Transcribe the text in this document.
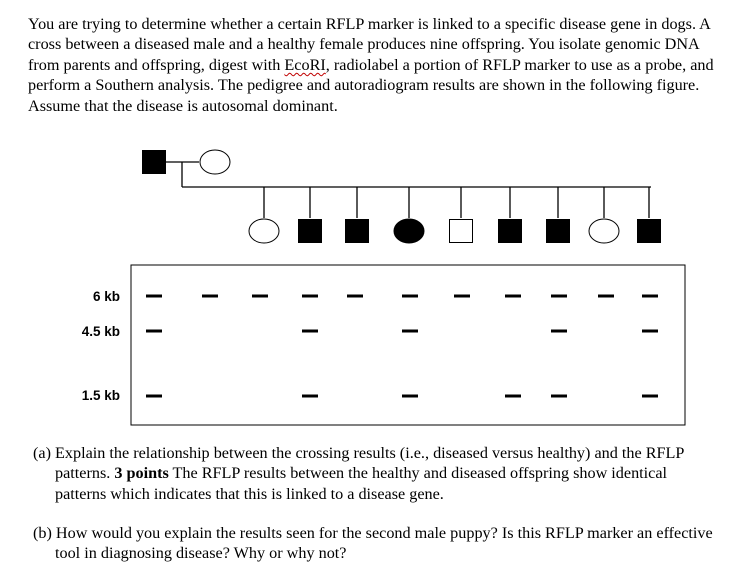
You are trying to determine whether a certain RFLP marker is linked to a specific disease gene in dogs. A cross between a diseased male and a healthy female produces nine offspring. You isolate genomic DNA from parents and offspring, digest with EcoRI, radiolabel a portion of RFLP marker to use as a probe, and perform a Southern analysis. The pedigree and autoradiogram results are shown in the following figure. Assume that the disease is autosomal dominant.
6 kb
4.5 kb
1.5 kb
(a) Explain the relationship between the crossing results (i.e., diseased versus healthy) and the RFLP patterns. 3 points The RFLP results between the healthy and diseased offspring show identical patterns which indicates that this is linked to a disease gene.
(b) How would you explain the results seen for the second male puppy? Is this RFLP marker an effective tool in diagnosing disease? Why or why not?
